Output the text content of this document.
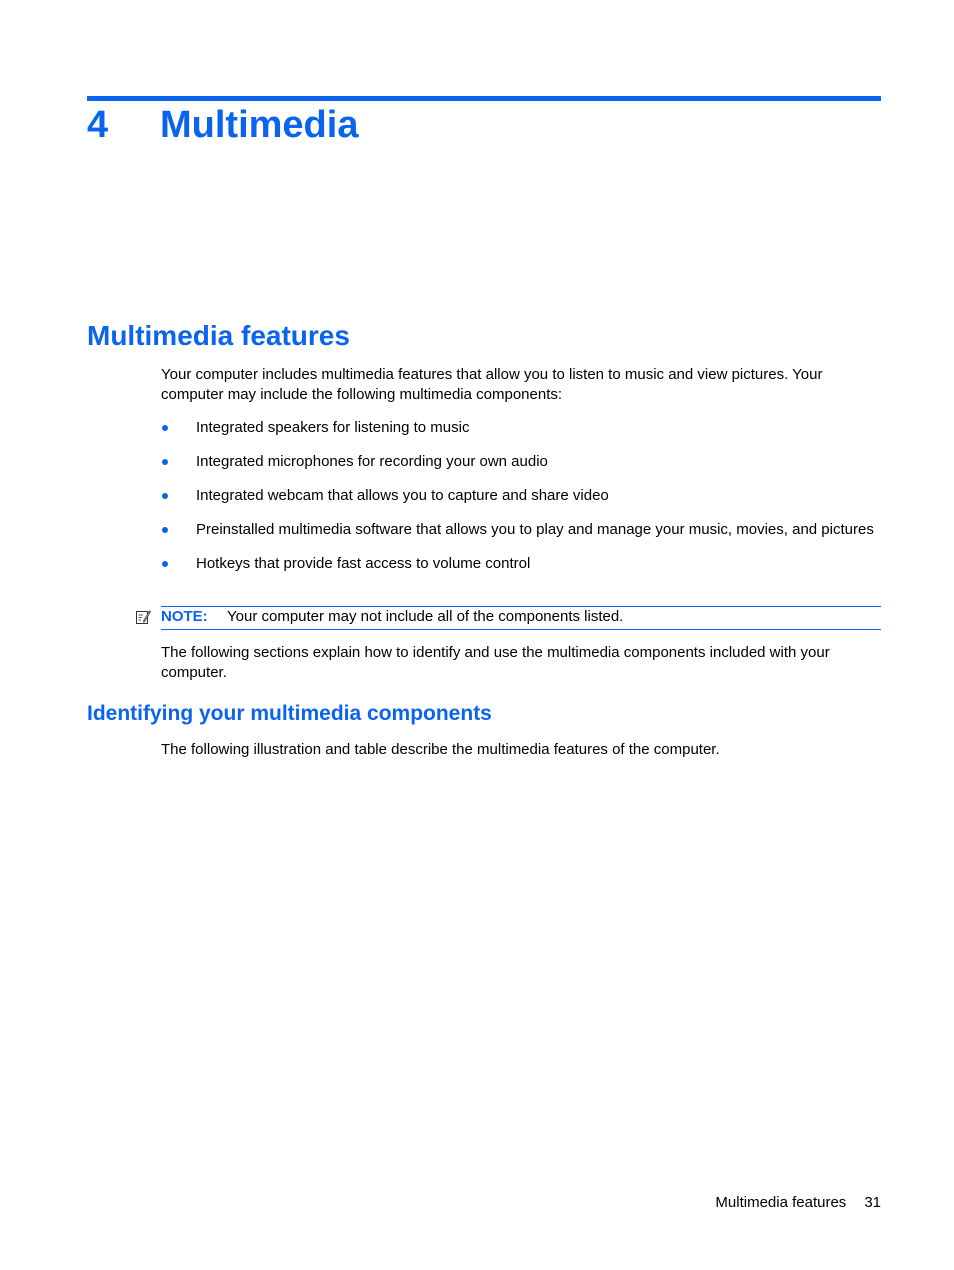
4 Multimedia
Multimedia features

Your computer includes multimedia features that allow you to listen to music and view pictures. Your computer may include the following multimedia components:

Integrated speakers for listening to music
Integrated microphones for recording your own audio
Integrated webcam that allows you to capture and share video
Preinstalled multimedia software that allows you to play and manage your music, movies, and pictures
Hotkeys that provide fast access to volume control
NOTE: Your computer may not include all of the components listed.

The following sections explain how to identify and use the multimedia components included with your computer.

Identifying your multimedia components

The following illustration and table describe the multimedia features of the computer.

Multimedia features 31
